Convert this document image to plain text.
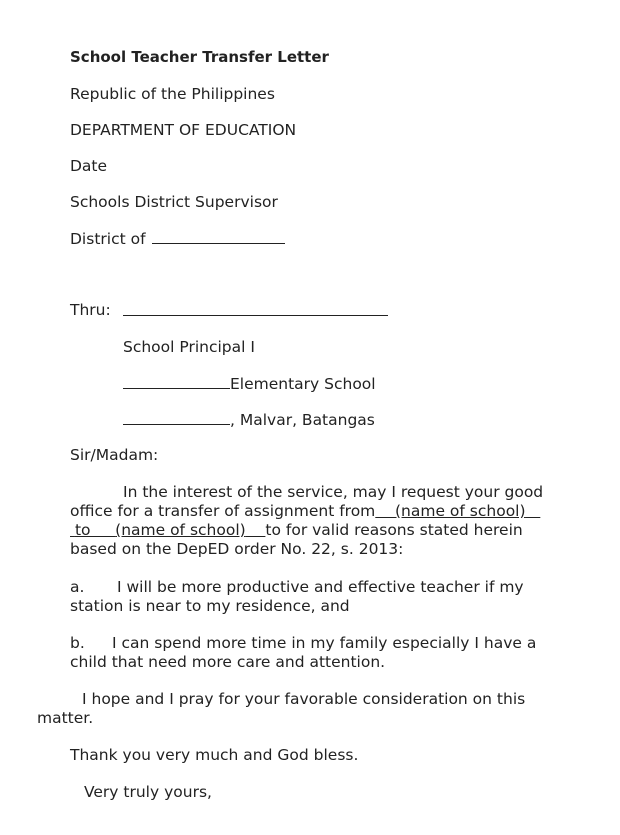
School Teacher Transfer Letter
Republic of the Philippines
DEPARTMENT OF EDUCATION
Date
Schools District Supervisor
District of
Thru:
School Principal I
Elementary School
, Malvar, Batangas
Sir/Madam:
In the interest of the service, may I request your good
office for a transfer of assignment from (name of school)
to (name of school) to for valid reasons stated herein
based on the DepED order No. 22, s. 2013:
a. I will be more productive and effective teacher if my
station is near to my residence, and
b. I can spend more time in my family especially I have a
child that need more care and attention.
I hope and I pray for your favorable consideration on this
matter.
Thank you very much and God bless.
Very truly yours,
